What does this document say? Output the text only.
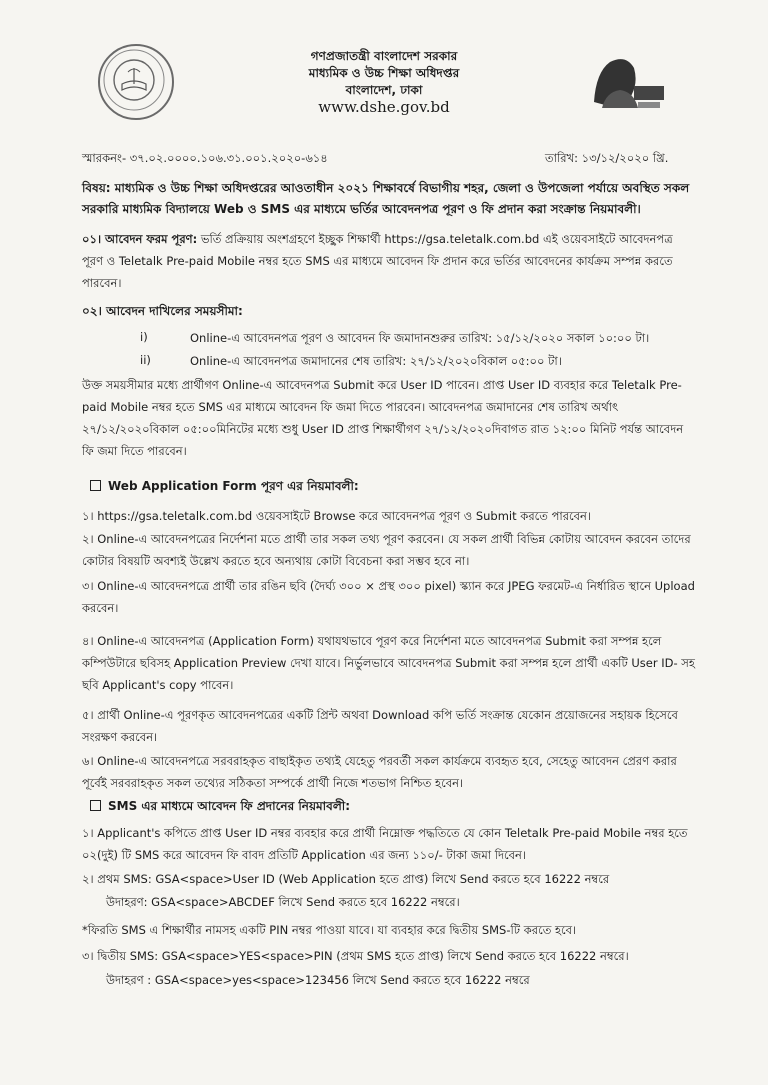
গণপ্রজাতন্ত্রী বাংলাদেশ সরকার
মাধ্যমিক ও উচ্চ শিক্ষা অধিদপ্তর
বাংলাদেশ, ঢাকা
www.dshe.gov.bd
স্মারকনং- ৩৭.০২.০০০০.১০৬.৩১.০০১.২০২০-৬১৪	তারিখ: ১৩/১২/২০২০ খ্রি.
বিষয়: মাধ্যমিক ও উচ্চ শিক্ষা অধিদপ্তরের আওতাধীন ২০২১ শিক্ষাবর্ষে বিভাগীয় শহর, জেলা ও উপজেলা পর্যায়ে অবস্থিত সকল সরকারি মাধ্যমিক বিদ্যালয়ে Web ও SMS এর মাধ্যমে ভর্তির আবেদনপত্র পূরণ ও ফি প্রদান করা সংক্রান্ত নিয়মাবলী।
০১। আবেদন ফরম পূরণ: ভর্তি প্রক্রিয়ায় অংশগ্রহণে ইচ্ছুক শিক্ষার্থী https://gsa.teletalk.com.bd এই ওয়েবসাইটে আবেদনপত্র পূরণ ও Teletalk Pre-paid Mobile নম্বর হতে SMS এর মাধ্যমে আবেদন ফি প্রদান করে ভর্তির আবেদনের কার্যক্রম সম্পন্ন করতে পারবেন।
০২। আবেদন দাখিলের সময়সীমা:
i)	Online-এ আবেদনপত্র পূরণ ও আবেদন ফি জমাদানশুরুর তারিখ: ১৫/১২/২০২০ সকাল ১০:০০ টা।
ii)	Online-এ আবেদনপত্র জমাদানের শেষ তারিখ: ২৭/১২/২০২০বিকাল ০৫:০০ টা।
উক্ত সময়সীমার মধ্যে প্রার্থীগণ Online-এ আবেদনপত্র Submit করে User ID পাবেন। প্রাপ্ত User ID ব্যবহার করে Teletalk Pre-paid Mobile নম্বর হতে SMS এর মাধ্যমে আবেদন ফি জমা দিতে পারবেন। আবেদনপত্র জমাদানের শেষ তারিখ অর্থাৎ ২৭/১২/২০২০বিকাল ০৫:০০মিনিটের মধ্যে শুধু User ID প্রাপ্ত শিক্ষার্থীগণ ২৭/১২/২০২০দিবাগত রাত ১২:০০ মিনিট পর্যন্ত আবেদন ফি জমা দিতে পারবেন।
Web Application Form পূরণ এর নিয়মাবলী:
১। https://gsa.teletalk.com.bd ওয়েবসাইটে Browse করে আবেদনপত্র পূরণ ও Submit করতে পারবেন।
২। Online-এ আবেদনপত্রের নির্দেশনা মতে প্রার্থী তার সকল তথ্য পূরণ করবেন। যে সকল প্রার্থী বিভিন্ন কোটায় আবেদন করবেন তাদের কোটার বিষয়টি অবশ্যই উল্লেখ করতে হবে অন্যথায় কোটা বিবেচনা করা সম্ভব হবে না।
৩। Online-এ আবেদনপত্রে প্রার্থী তার রঙিন ছবি (দৈর্ঘ্য ৩০০ × প্রস্থ ৩০০ pixel) স্ক্যান করে JPEG ফরমেট-এ নির্ধারিত স্থানে Upload করবেন।
৪। Online-এ আবেদনপত্র (Application Form) যথাযথভাবে পূরণ করে নির্দেশনা মতে আবেদনপত্র Submit করা সম্পন্ন হলে কম্পিউটারে ছবিসহ Application Preview দেখা যাবে। নির্ভুলভাবে আবেদনপত্র Submit করা সম্পন্ন হলে প্রার্থী একটি User ID- সহ ছবি Applicant's copy পাবেন।
৫। প্রার্থী Online-এ পূরণকৃত আবেদনপত্রের একটি প্রিন্ট অথবা Download কপি ভর্তি সংক্রান্ত যেকোন প্রয়োজনের সহায়ক হিসেবে সংরক্ষণ করবেন।
৬। Online-এ আবেদনপত্রে সরবরাহকৃত বাছাইকৃত তথ্যই যেহেতু পরবর্তী সকল কার্যক্রমে ব্যবহৃত হবে, সেহেতু আবেদন প্রেরণ করার পূর্বেই সরবরাহকৃত সকল তথ্যের সঠিকতা সম্পর্কে প্রার্থী নিজে শতভাগ নিশ্চিত হবেন।
SMS এর মাধ্যমে আবেদন ফি প্রদানের নিয়মাবলী:
১। Applicant's কপিতে প্রাপ্ত User ID নম্বর ব্যবহার করে প্রার্থী নিম্নোক্ত পদ্ধতিতে যে কোন Teletalk Pre-paid Mobile নম্বর হতে ০২(দুই) টি SMS করে আবেদন ফি বাবদ প্রতিটি Application এর জন্য ১১০/- টাকা জমা দিবেন।
২। প্রথম SMS: GSA<space>User ID (Web Application হতে প্রাপ্ত) লিখে Send করতে হবে 16222 নম্বরে
উদাহরণ: GSA<space>ABCDEF লিখে Send করতে হবে 16222 নম্বরে।
*ফিরতি SMS এ শিক্ষার্থীর নামসহ একটি PIN নম্বর পাওয়া যাবে। যা ব্যবহার করে দ্বিতীয় SMS-টি করতে হবে।
৩। দ্বিতীয় SMS: GSA<space>YES<space>PIN (প্রথম SMS হতে প্রাপ্ত) লিখে Send করতে হবে 16222 নম্বরে।
উদাহরণ : GSA<space>yes<space>123456 লিখে Send করতে হবে 16222 নম্বরে
